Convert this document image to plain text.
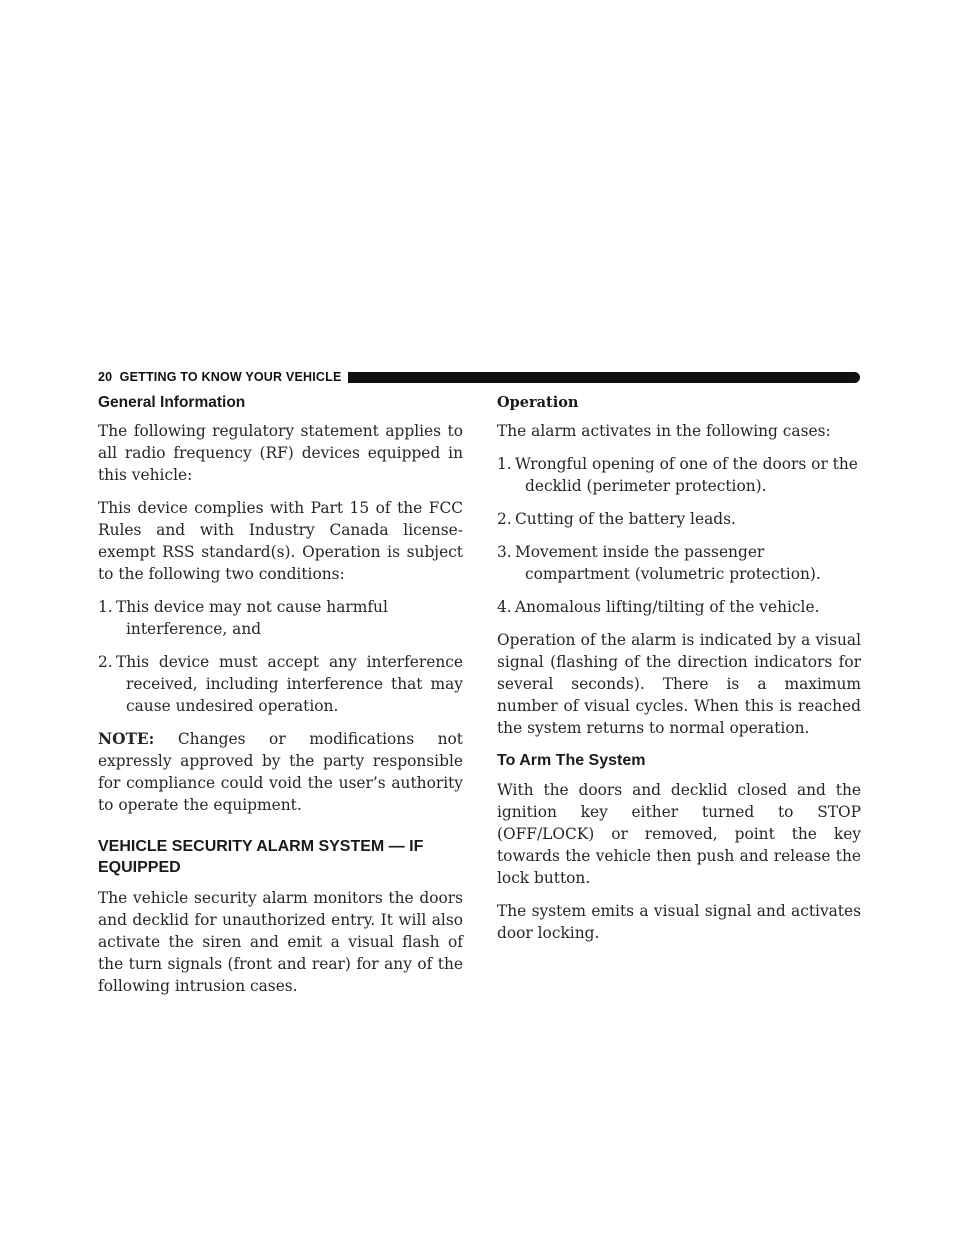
20 GETTING TO KNOW YOUR VEHICLE
General Information

The following regulatory statement applies to all radio frequency (RF) devices equipped in this vehicle:

This device complies with Part 15 of the FCC Rules and with Industry Canada license-exempt RSS standard(s). Operation is subject to the following two conditions:

1. This device may not cause harmful interference, and

2. This device must accept any interference received, including interference that may cause undesired operation.

NOTE: Changes or modifications not expressly approved by the party responsible for compliance could void the user’s authority to operate the equipment.

VEHICLE SECURITY ALARM SYSTEM — IF EQUIPPED

The vehicle security alarm monitors the doors and decklid for unauthorized entry. It will also activate the siren and emit a visual flash of the turn signals (front and rear) for any of the following intrusion cases.

Operation

The alarm activates in the following cases:

1. Wrongful opening of one of the doors or the decklid (perimeter protection).

2. Cutting of the battery leads.

3. Movement inside the passenger compartment (volumetric protection).

4. Anomalous lifting/tilting of the vehicle.

Operation of the alarm is indicated by a visual signal (flashing of the direction indicators for several seconds). There is a maximum number of visual cycles. When this is reached the system returns to normal operation.

To Arm The System

With the doors and decklid closed and the ignition key either turned to STOP (OFF/LOCK) or removed, point the key towards the vehicle then push and release the lock button.

The system emits a visual signal and activates door locking.
